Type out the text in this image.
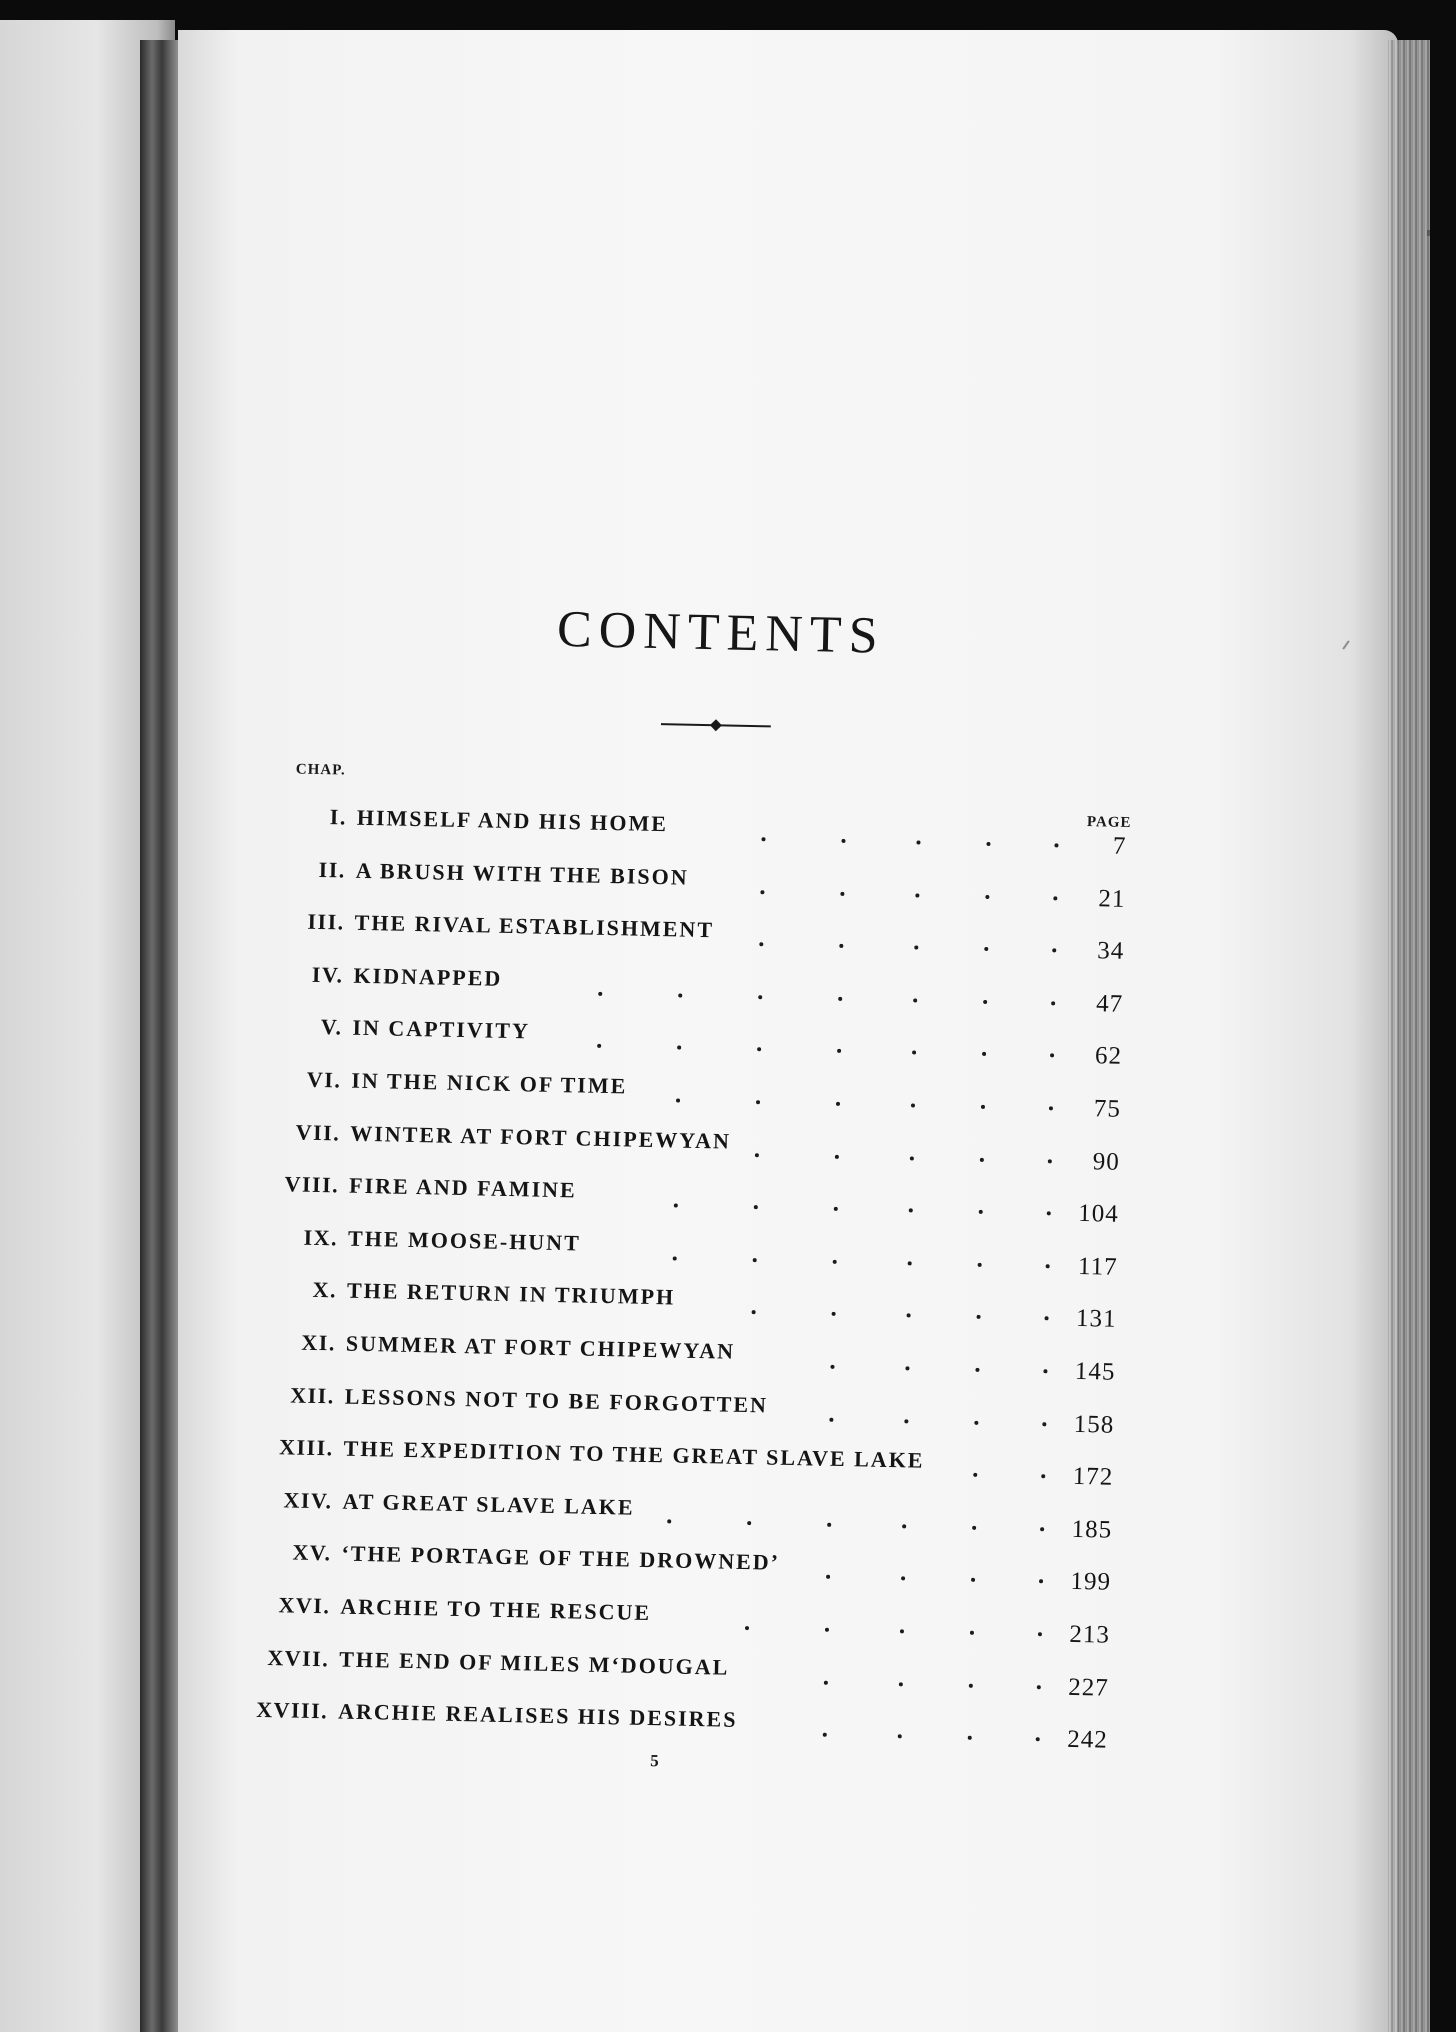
CONTENTS
CHAP.
PAGE
I. HIMSELF AND HIS HOME
7
II. A BRUSH WITH THE BISON
21
III. THE RIVAL ESTABLISHMENT
34
IV. KIDNAPPED
47
V. IN CAPTIVITY
62
VI. IN THE NICK OF TIME
75
VII. WINTER AT FORT CHIPEWYAN
90
VIII. FIRE AND FAMINE
104
IX. THE MOOSE-HUNT
117
X. THE RETURN IN TRIUMPH
131
XI. SUMMER AT FORT CHIPEWYAN
145
XII. LESSONS NOT TO BE FORGOTTEN
158
XIII. THE EXPEDITION TO THE GREAT SLAVE LAKE
172
XIV. AT GREAT SLAVE LAKE
185
XV. ‘THE PORTAGE OF THE DROWNED’
199
XVI. ARCHIE TO THE RESCUE
213
XVII. THE END OF MILES M‘DOUGAL
227
XVIII. ARCHIE REALISES HIS DESIRES
242
5
